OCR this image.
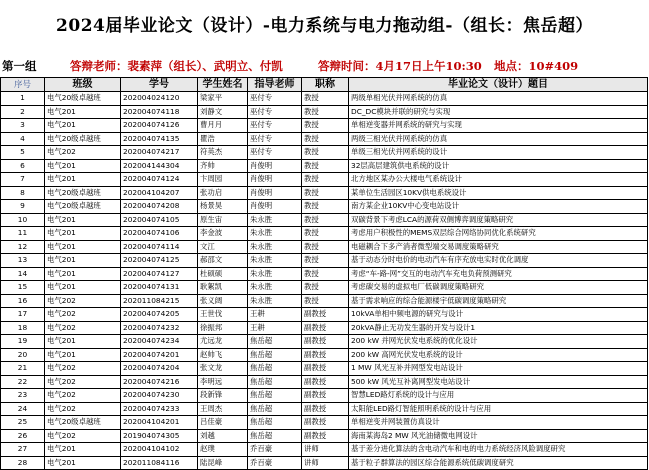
2024届毕业论文（设计）-电力系统与电力拖动组-（组长：焦岳超）
第一组	答辩老师：裴素萍（组长）、武明立、付凯	答辩时间：4月17日上午10:30 地点：10#409
序号	班级	学号	学生姓名	指导老师	职称	毕业论文（设计）题目
1	电气20级卓越班	202004024120	梁家平	巫付专	教授	两级单相光伏并网系统的仿真
2	电气201	202004074118	刘静文	巫付专	教授	DC_DC模块并联的研究与实现
3	电气201	202004074126	曹月月	巫付专	教授	单相逆变器并网系统的研究与实现
4	电气20级卓越班	202004074135	瞿浩	巫付专	教授	两级三相光伏并网系统的仿真
5	电气202	202004074217	符英杰	巫付专	教授	单级三相光伏并网系统的设计
6	电气201	202004144304	齐帅	肖俊明	教授	32层高层建筑供电系统的设计
7	电气201	202004074124	卞周园	肖俊明	教授	北方地区某办公大楼电气系统设计
8	电气20级卓越班	202004104207	张功启	肖俊明	教授	某单位生活园区10KV供电系统设计
9	电气20级卓越班	202004074208	杨景昊	肖俊明	教授	南方某企业10KV中心变电站设计
10	电气201	202004074105	原生宙	朱永胜	教授	双碳背景下考虑LCA的源荷双侧博弈调度策略研究
11	电气201	202004074106	李金波	朱永胜	教授	考虑用户积极性的MEMS双层综合网络协同优化系统研究
12	电气201	202004074114	文江	朱永胜	教授	电磁耦合下多产消者微型端交易调度策略研究
13	电气201	202004074125	郝邵文	朱永胜	教授	基于动态分时电价的电动汽车有序充放电实时优化调度
14	电气201	202004074127	杜硕硕	朱永胜	教授	考虑“车-路-网”交互的电动汽车充电负荷预测研究
15	电气201	202004074131	耿絮凯	朱永胜	教授	考虑碳交易的虚拟电厂低碳调度策略研究
16	电气202	202011084215	张义阔	朱永胜	教授	基于需求响应的综合能源楼宇低碳调度策略研究
17	电气202	202004074205	王世伐	王耕	副教授	10kVA单相中频电源的研究与设计
18	电气202	202004074232	徐振邦	王耕	副教授	20kVA静止无功发生器的开发与设计1
19	电气201	202004074234	尤远龙	焦岳超	副教授	200 kW 并网光伏发电系统的优化设计
20	电气201	202004074201	赵帅飞	焦岳超	副教授	200 kW 高网光伏发电系统的设计
21	电气202	202004074204	张文龙	焦岳超	副教授	1 MW 风光互补并网型发电站设计
22	电气202	202004074216	李明远	焦岳超	副教授	500 kW 风光互补离网型发电站设计
23	电气202	202004074230	段新锋	焦岳超	副教授	智慧LED路灯系统的设计与应用
24	电气202	202004074233	王周杰	焦岳超	副教授	太阳能LED路灯智能照明系统的设计与应用
25	电气20级卓越班	202004104201	吕佳豪	焦岳超	副教授	单相逆变并网装置仿真设计
26	电气202	201904074305	刘越	焦岳超	副教授	海南某海岛2 MW 风光油储微电网设计
27	电气201	202004104102	赵璞	乔百豪	讲师	基于差分进化算法的含电动汽车和电的电力系统经济风险调度研究
28	电气201	202011084116	陆昆峰	乔百豪	讲师	基于粒子群算法的园区综合能源系统低碳调度研究
